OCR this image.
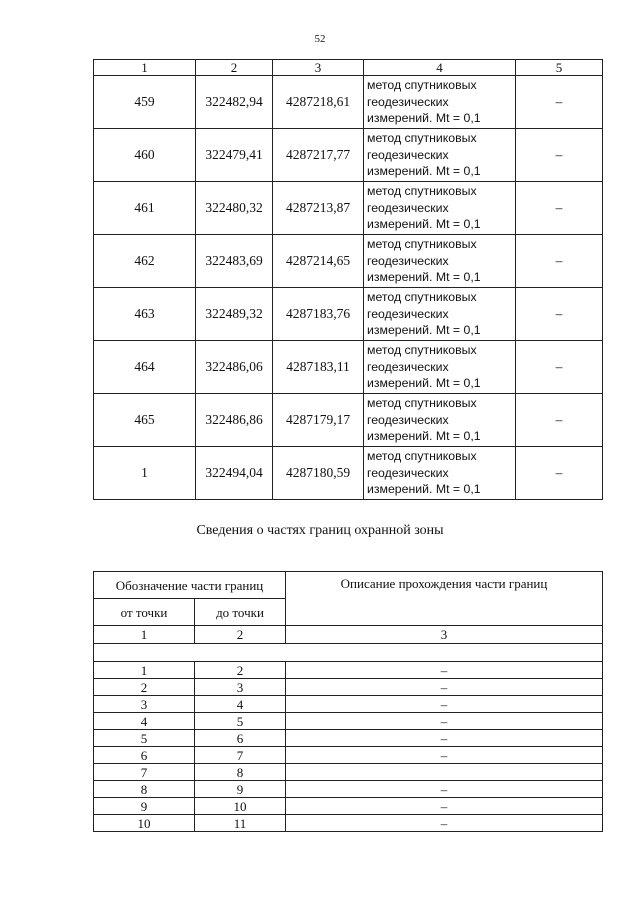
52
1	2	3	4	5
459	322482,94	4287218,61	метод спутниковых
геодезических
измерений. Mt = 0,1	–
460	322479,41	4287217,77	метод спутниковых
геодезических
измерений. Mt = 0,1	–
461	322480,32	4287213,87	метод спутниковых
геодезических
измерений. Mt = 0,1	–
462	322483,69	4287214,65	метод спутниковых
геодезических
измерений. Mt = 0,1	–
463	322489,32	4287183,76	метод спутниковых
геодезических
измерений. Mt = 0,1	–
464	322486,06	4287183,11	метод спутниковых
геодезических
измерений. Mt = 0,1	–
465	322486,86	4287179,17	метод спутниковых
геодезических
измерений. Mt = 0,1	–
1	322494,04	4287180,59	метод спутниковых
геодезических
измерений. Mt = 0,1	–
Сведения о частях границ охранной зоны
Обозначение части границ		Описание прохождения части границ
от точки	до точки	
1	2	3

1	2	–
2	3	–
3	4	–
4	5	–
5	6	–
6	7	–
7	8	
8	9	–
9	10	–
10	11	–
